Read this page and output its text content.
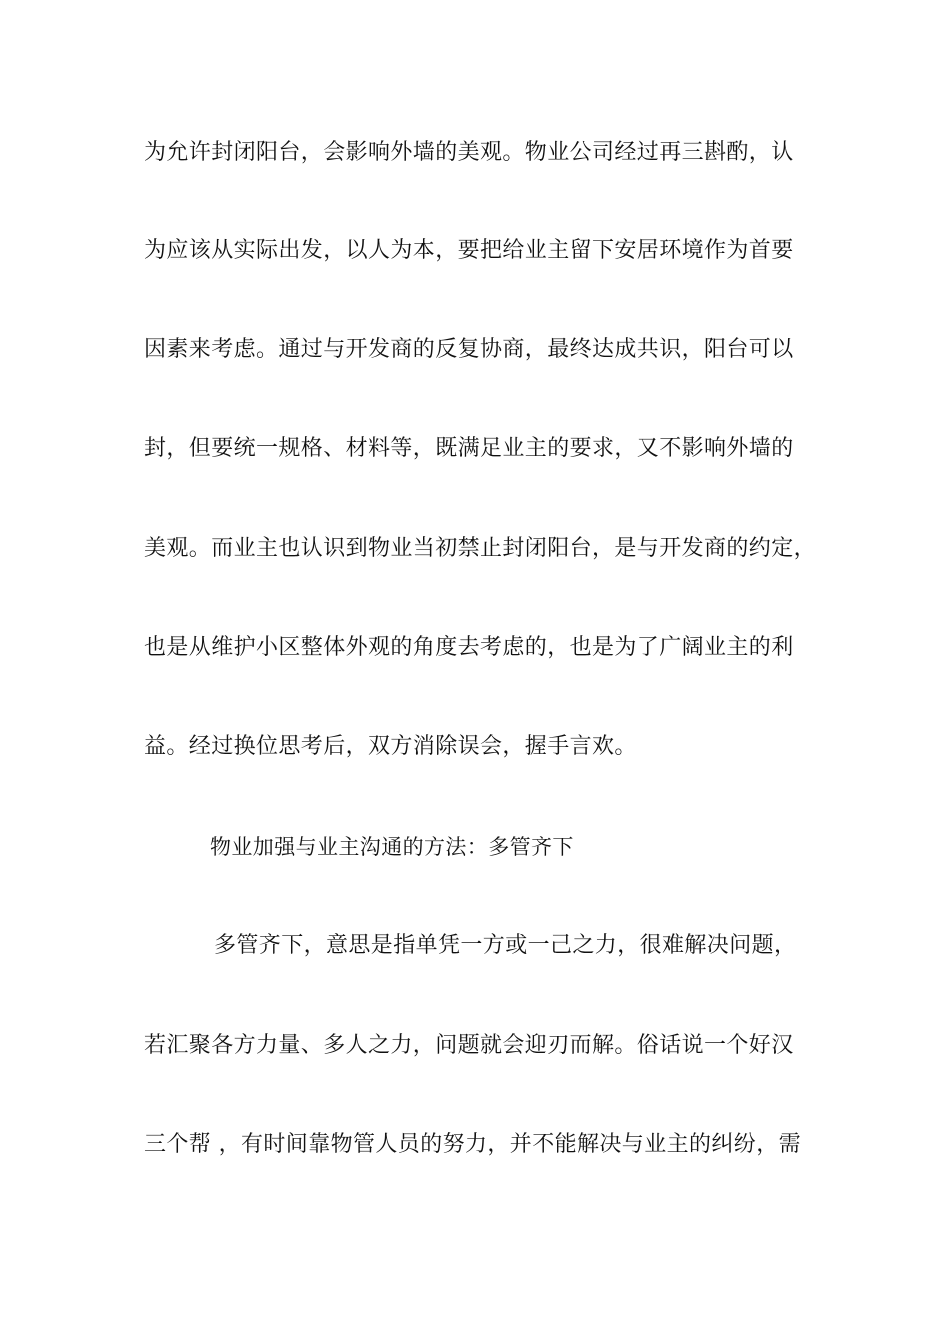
为允许封闭阳台，会影响外墙的美观。物业公司经过再三斟酌，认
为应该从实际出发，以人为本，要把给业主留下安居环境作为首要
因素来考虑。通过与开发商的反复协商，最终达成共识，阳台可以
封，但要统一规格、材料等，既满足业主的要求，又不影响外墙的
美观。而业主也认识到物业当初禁止封闭阳台，是与开发商的约定，
也是从维护小区整体外观的角度去考虑的，也是为了广阔业主的利
益。经过换位思考后，双方消除误会，握手言欢。
物业加强与业主沟通的方法：多管齐下
多管齐下，意思是指单凭一方或一己之力，很难解决问题，
若汇聚各方力量、多人之力，问题就会迎刃而解。俗话说一个好汉
三个帮 ，有时间靠物管人员的努力，并不能解决与业主的纠纷，需
